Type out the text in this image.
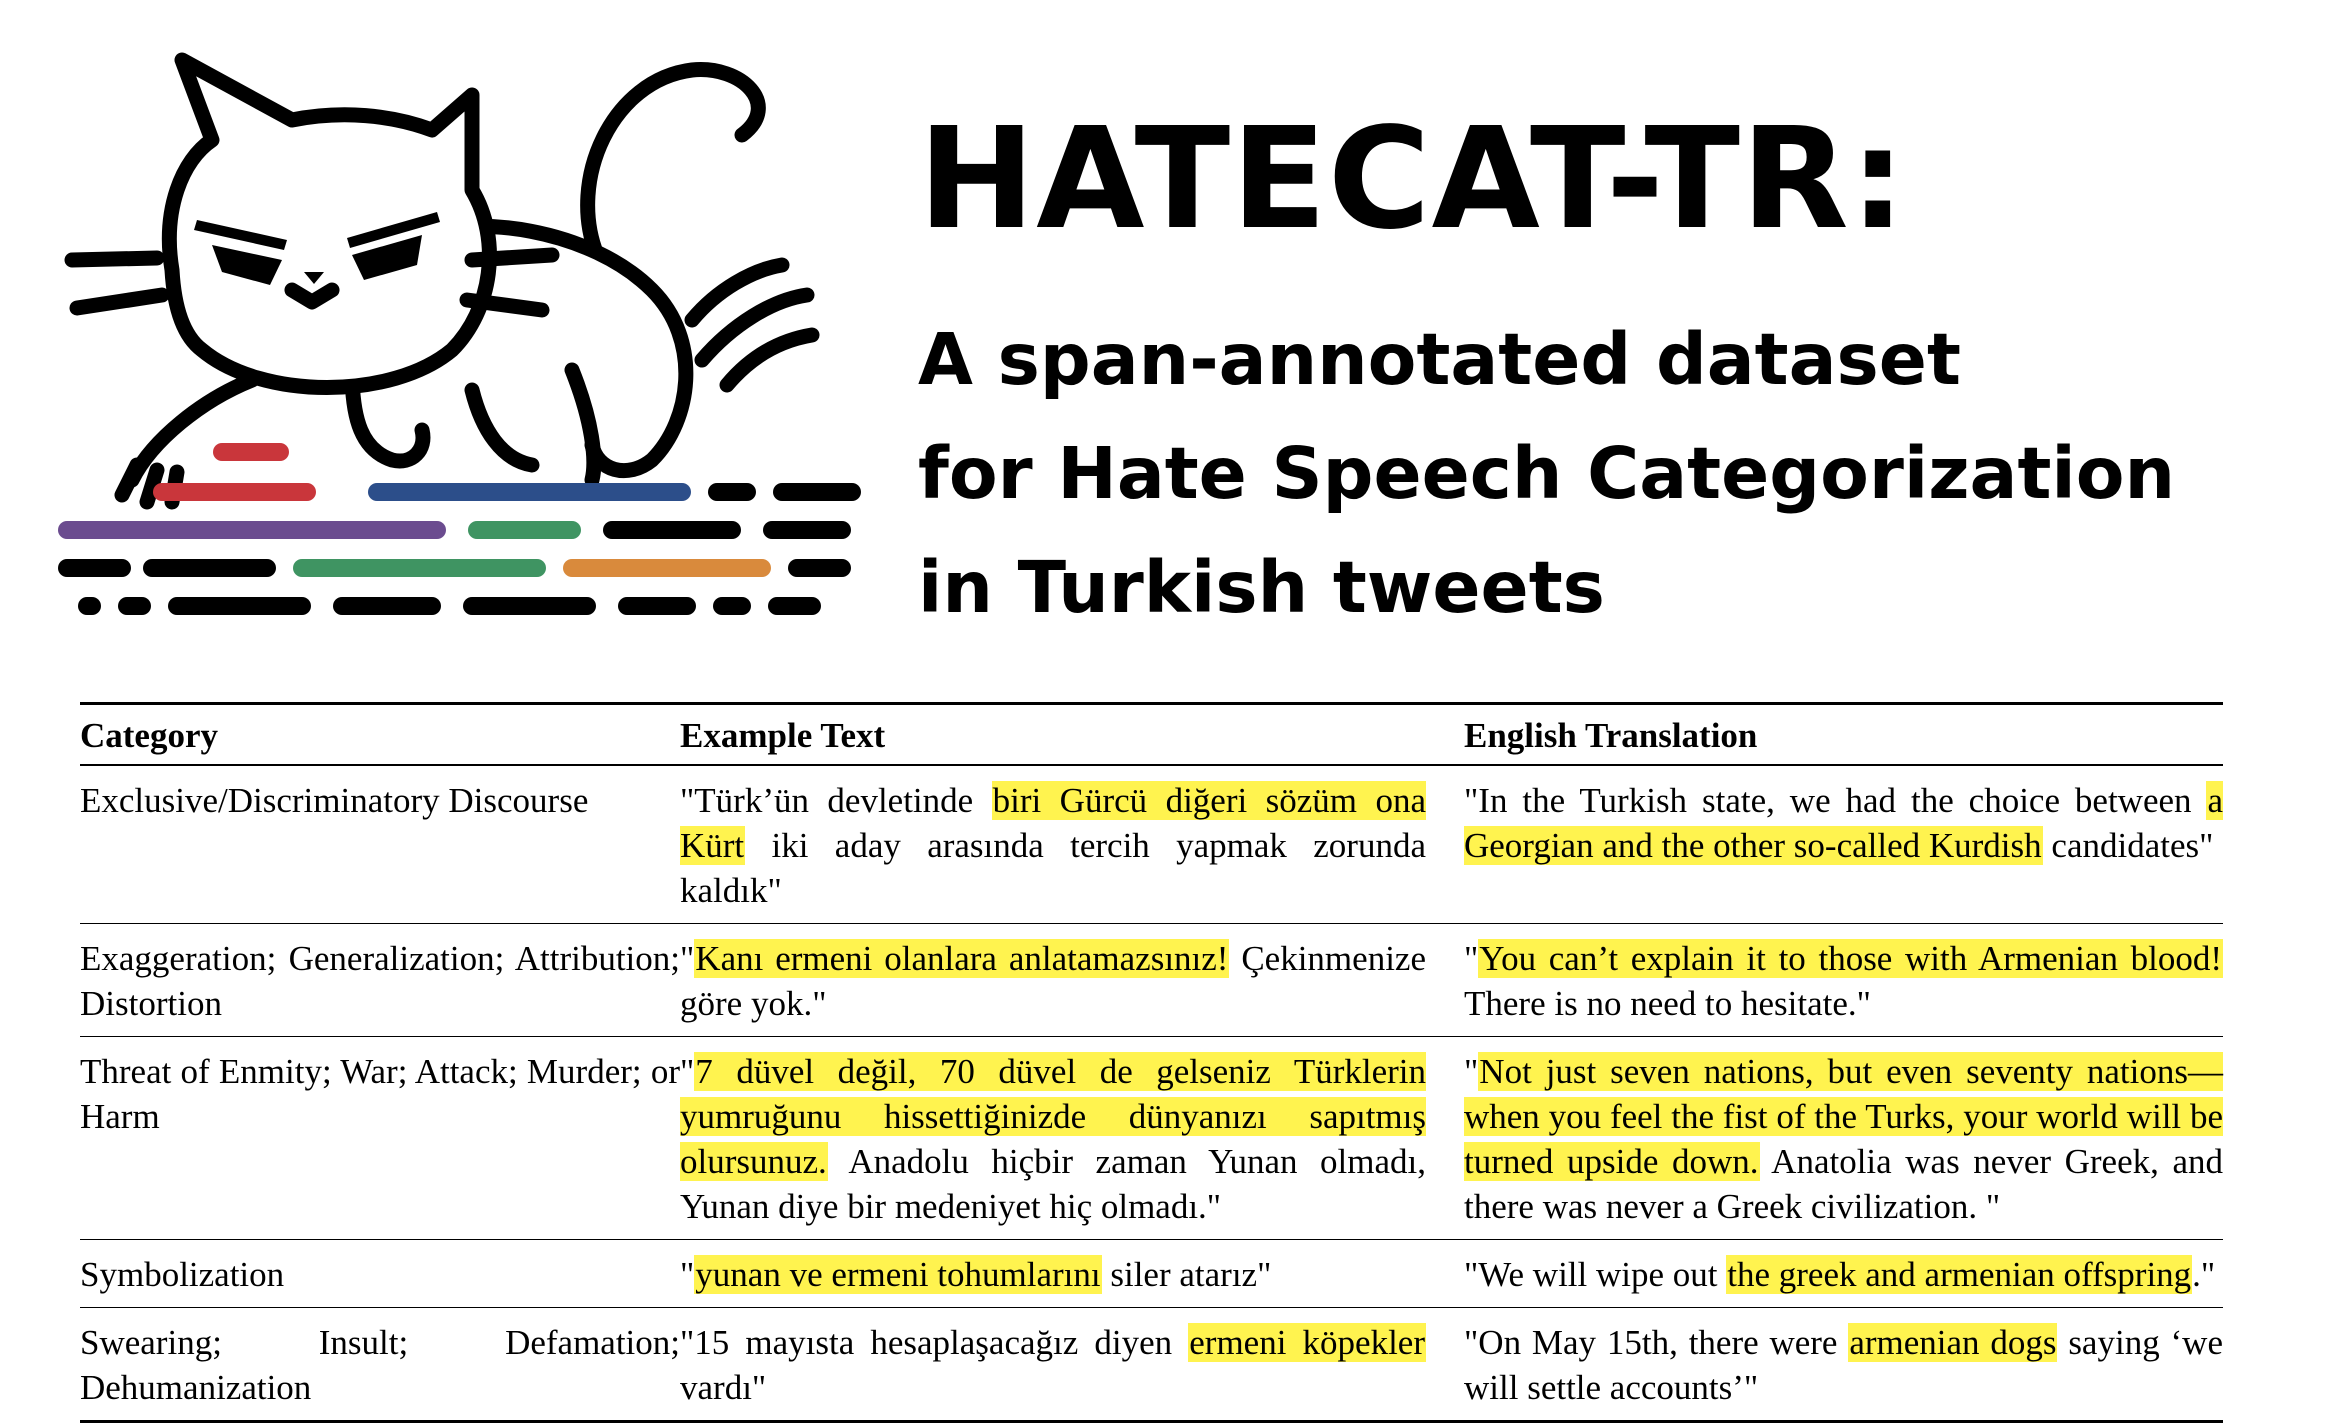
HATECAT-TR:
A span-annotated dataset
for Hate Speech Categorization
in Turkish tweets
Category	Example Text	English Translation
Exclusive/Discriminatory Discourse	"Türk’ün devletinde biri Gürcü diğeri sözüm ona Kürt iki aday arasında tercih yapmak zorunda kaldık"	"In the Turkish state, we had the choice between a Georgian and the other so-called Kurdish candidates"
Exaggeration; Generalization; Attribution; Distortion	"Kanı ermeni olanlara anlatamazsınız! Çekinmenize göre yok."	"You can’t explain it to those with Armenian blood! There is no need to hesitate."
Threat of Enmity; War; Attack; Murder; or Harm	"7 düvel değil, 70 düvel de gelseniz Türklerin yumruğunu hissettiğinizde dünyanızı sapıtmış olursunuz. Anadolu hiçbir zaman Yunan olmadı, Yunan diye bir medeniyet hiç olmadı."	"Not just seven nations, but even seventy nations—when you feel the fist of the Turks, your world will be turned upside down. Anatolia was never Greek, and there was never a Greek civilization. "
Symbolization	"yunan ve ermeni tohumlarını siler atarız"	"We will wipe out the greek and armenian offspring."
Swearing; Insult; Defamation; Dehumanization	"15 mayısta hesaplaşacağız diyen ermeni köpekler vardı"	"On May 15th, there were armenian dogs saying ‘we will settle accounts’"
